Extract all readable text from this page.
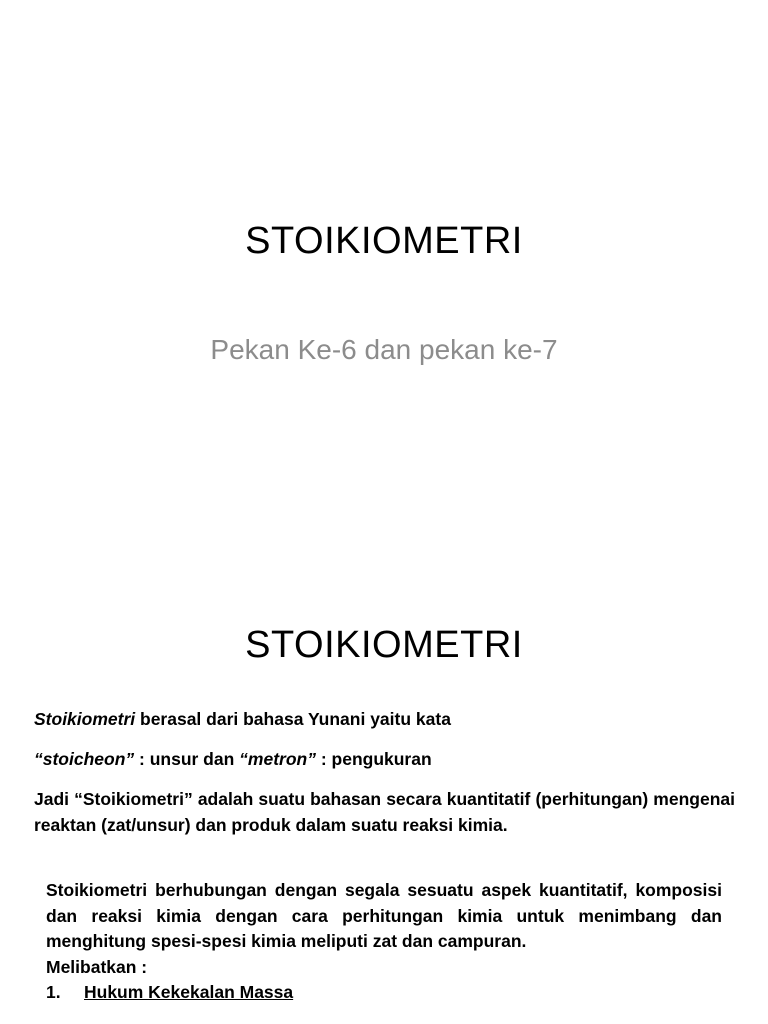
STOIKIOMETRI
Pekan Ke-6 dan pekan ke-7
STOIKIOMETRI
Stoikiometri berasal dari bahasa Yunani yaitu kata
“stoicheon” : unsur dan “metron” : pengukuran
Jadi “Stoikiometri” adalah suatu bahasan secara kuantitatif (perhitungan) mengenai reaktan (zat/unsur) dan produk dalam suatu reaksi kimia.
Stoikiometri berhubungan dengan segala sesuatu aspek kuantitatif, komposisi dan reaksi kimia dengan cara perhitungan kimia untuk menimbang dan menghitung spesi-spesi kimia meliputi zat dan campuran.
Melibatkan :
1.	Hukum Kekekalan Massa
